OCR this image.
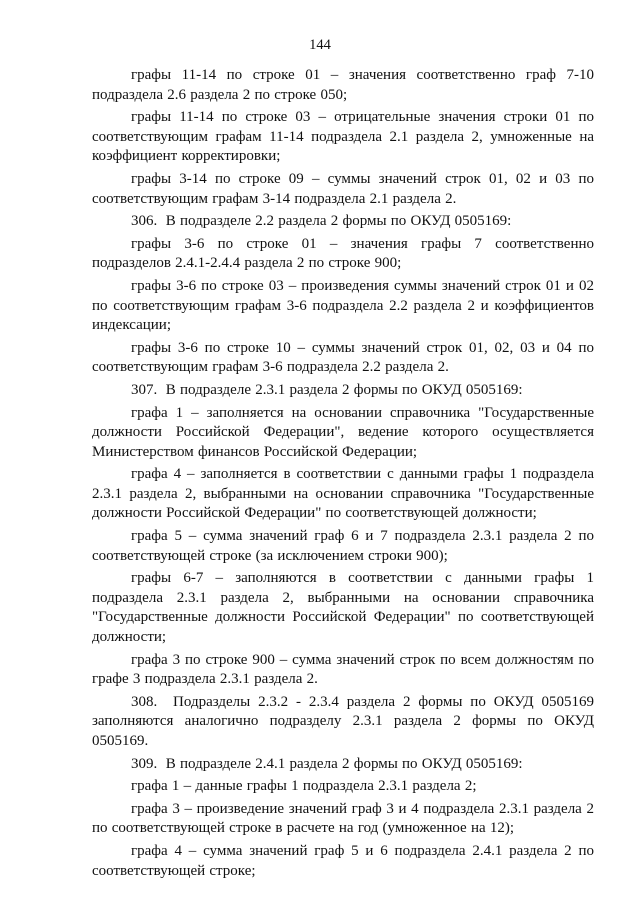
144

графы 11-14 по строке 01 – значения соответственно граф 7-10 подраздела 2.6 раздела 2 по строке 050;

графы 11-14 по строке 03 – отрицательные значения строки 01 по соответствующим графам 11-14 подраздела 2.1 раздела 2, умноженные на коэффициент корректировки;

графы 3-14 по строке 09 – суммы значений строк 01, 02 и 03 по соответствующим графам 3-14 подраздела 2.1 раздела 2.

306.  В подразделе 2.2 раздела 2 формы по ОКУД 0505169:

графы 3-6 по строке 01 – значения графы 7 соответственно подразделов 2.4.1-2.4.4 раздела 2 по строке 900;

графы 3-6 по строке 03 – произведения суммы значений строк 01 и 02 по соответствующим графам 3-6 подраздела 2.2 раздела 2 и коэффициентов индексации;

графы 3-6 по строке 10 – суммы значений строк 01, 02, 03 и 04 по соответствующим графам 3-6 подраздела 2.2 раздела 2.

307.  В подразделе 2.3.1 раздела 2 формы по ОКУД 0505169:

графа 1 – заполняется на основании справочника "Государственные должности Российской Федерации", ведение которого осуществляется Министерством финансов Российской Федерации;

графа 4 – заполняется в соответствии с данными графы 1 подраздела 2.3.1 раздела 2, выбранными на основании справочника "Государственные должности Российской Федерации" по соответствующей должности;

графа 5 – сумма значений граф 6 и 7 подраздела 2.3.1 раздела 2 по соответствующей строке (за исключением строки 900);

графы 6-7 – заполняются в соответствии с данными графы 1 подраздела 2.3.1 раздела 2, выбранными на основании справочника "Государственные должности Российской Федерации" по соответствующей должности;

графа 3 по строке 900 – сумма значений строк по всем должностям по графе 3 подраздела 2.3.1 раздела 2.

308.  Подразделы 2.3.2 - 2.3.4 раздела 2 формы по ОКУД 0505169 заполняются аналогично подразделу 2.3.1 раздела 2 формы по ОКУД 0505169.

309.  В подразделе 2.4.1 раздела 2 формы по ОКУД 0505169:

графа 1 – данные графы 1 подраздела 2.3.1 раздела 2;

графа 3 – произведение значений граф 3 и 4 подраздела 2.3.1 раздела 2 по соответствующей строке в расчете на год (умноженное на 12);

графа 4 – сумма значений граф 5 и 6 подраздела 2.4.1 раздела 2 по соответствующей строке;
